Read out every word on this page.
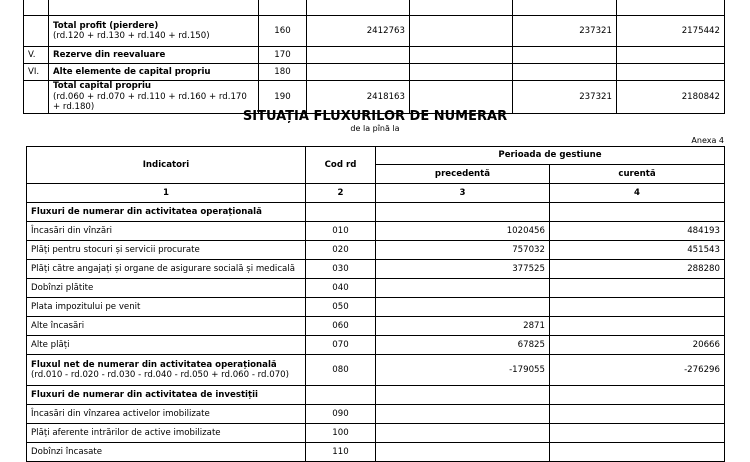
	Total profit (pierdere)
(rd.120 + rd.130 + rd.140 + rd.150)	160	2412763		237321	2175442
V.	Rezerve din reevaluare	170				
VI.	Alte elemente de capital propriu	180				

	Total capital propriu
(rd.060 + rd.070 + rd.110 + rd.160 + rd.170 + rd.180)	190	2418163		237321	2180842
SITUAȚIA FLUXURILOR DE NUMERAR
de la pînă la
Anexa 4
Indicatori	Cod rd	Perioada de gestiune	
		precedentă	curentă
1	2	3	4

Fluxuri de numerar din activitatea operațională			

Încasări din vînzări	010	1020456	484193

Plăți pentru stocuri și servicii procurate	020	757032	451543

Plăți către angajați și organe de asigurare socială și medicală	030	377525	288280

Dobînzi plătite	040		

Plata impozitului pe venit	050		

Alte încasări	060	2871	

Alte plăți	070	67825	20666

Fluxul net de numerar din activitatea operațională
(rd.010 - rd.020 - rd.030 - rd.040 - rd.050 + rd.060 - rd.070)	080	-179055	-276296

Fluxuri de numerar din activitatea de investiții			

Încasări din vînzarea activelor imobilizate	090		

Plăți aferente intrărilor de active imobilizate	100		

Dobînzi încasate	110		
